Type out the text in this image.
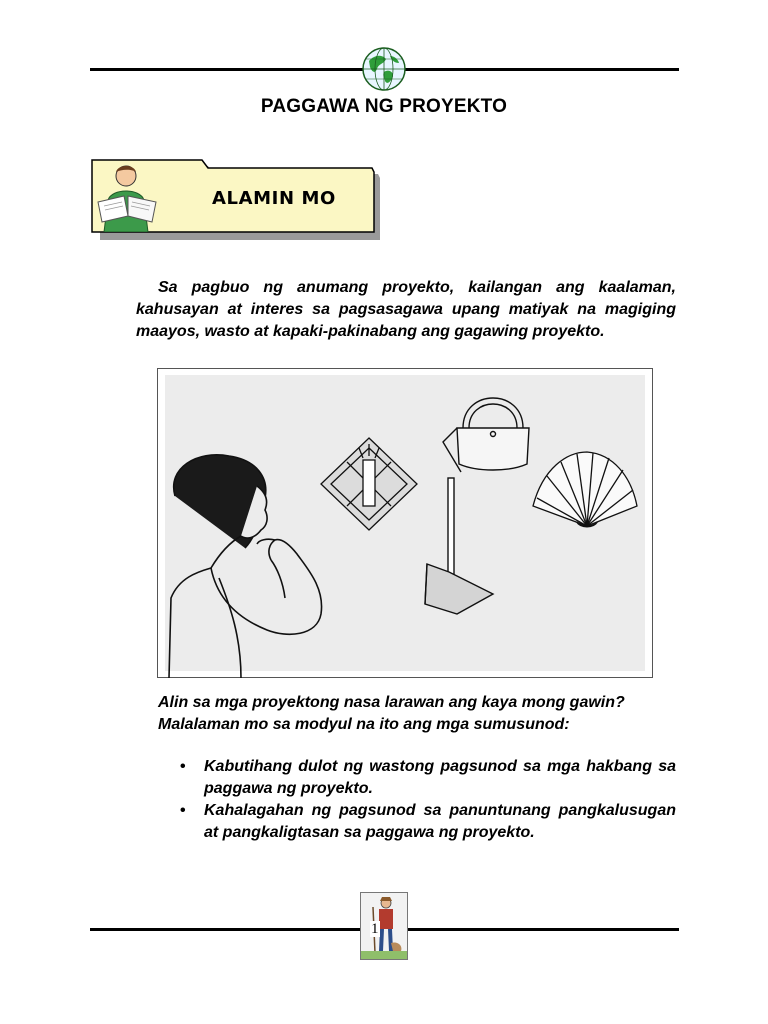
PAGGAWA NG PROYEKTO
ALAMIN MO

Sa pagbuo ng anumang proyekto, kailangan ang kaalaman, kahusayan at interes sa pagsasagawa upang matiyak na magiging maayos, wasto at kapaki-pakinabang ang gagawing proyekto.

Alin sa mga proyektong nasa larawan ang kaya mong gawin? Malalaman mo sa modyul na ito ang mga sumusunod:

• Kabutihang dulot ng wastong pagsunod sa mga hakbang sa paggawa ng proyekto.
• Kahalagahan ng pagsunod sa panuntunang pangkalusugan at pangkaligtasan sa paggawa ng proyekto.
1
